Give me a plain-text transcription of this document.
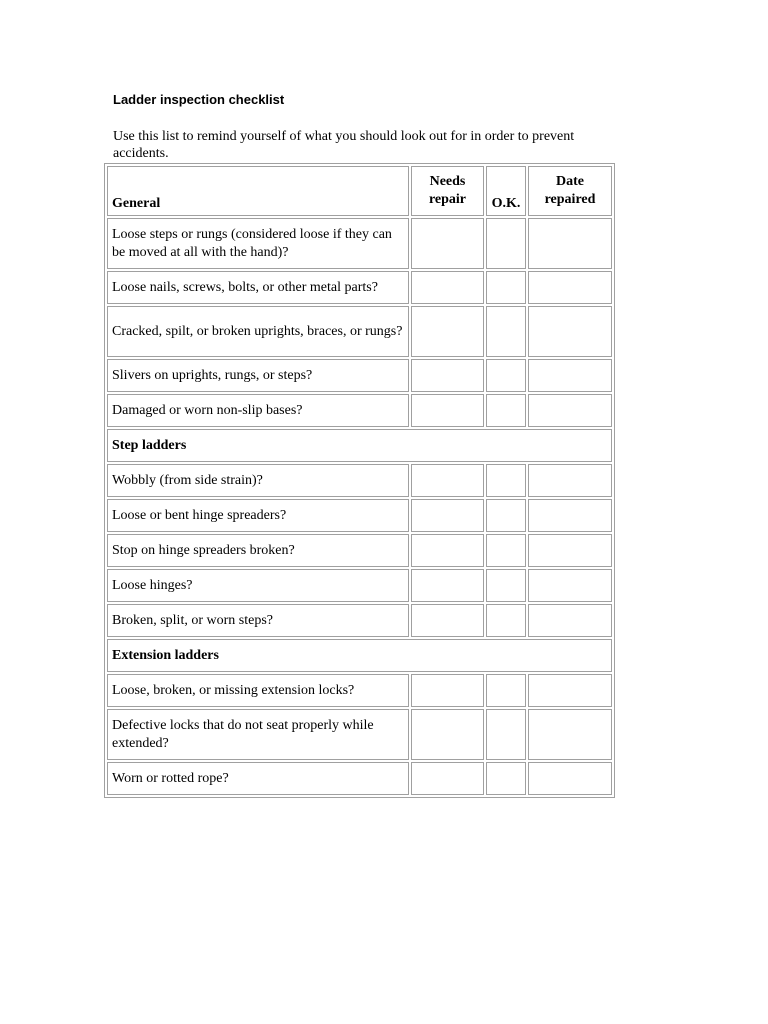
Ladder inspection checklist
Use this list to remind yourself of what you should look out for in order to prevent accidents.
General	Needs repair	O.K.	Date repaired
Loose steps or rungs (considered loose if they can be moved at all with the hand)?			
Loose nails, screws, bolts, or other metal parts?			
Cracked, spilt, or broken uprights, braces, or rungs?			
Slivers on uprights, rungs, or steps?			
Damaged or worn non-slip bases?			
Step ladders			
Wobbly (from side strain)?			
Loose or bent hinge spreaders?			
Stop on hinge spreaders broken?			
Loose hinges?			
Broken, split, or worn steps?			
Extension ladders			
Loose, broken, or missing extension locks?			
Defective locks that do not seat properly while extended?			
Worn or rotted rope?			
